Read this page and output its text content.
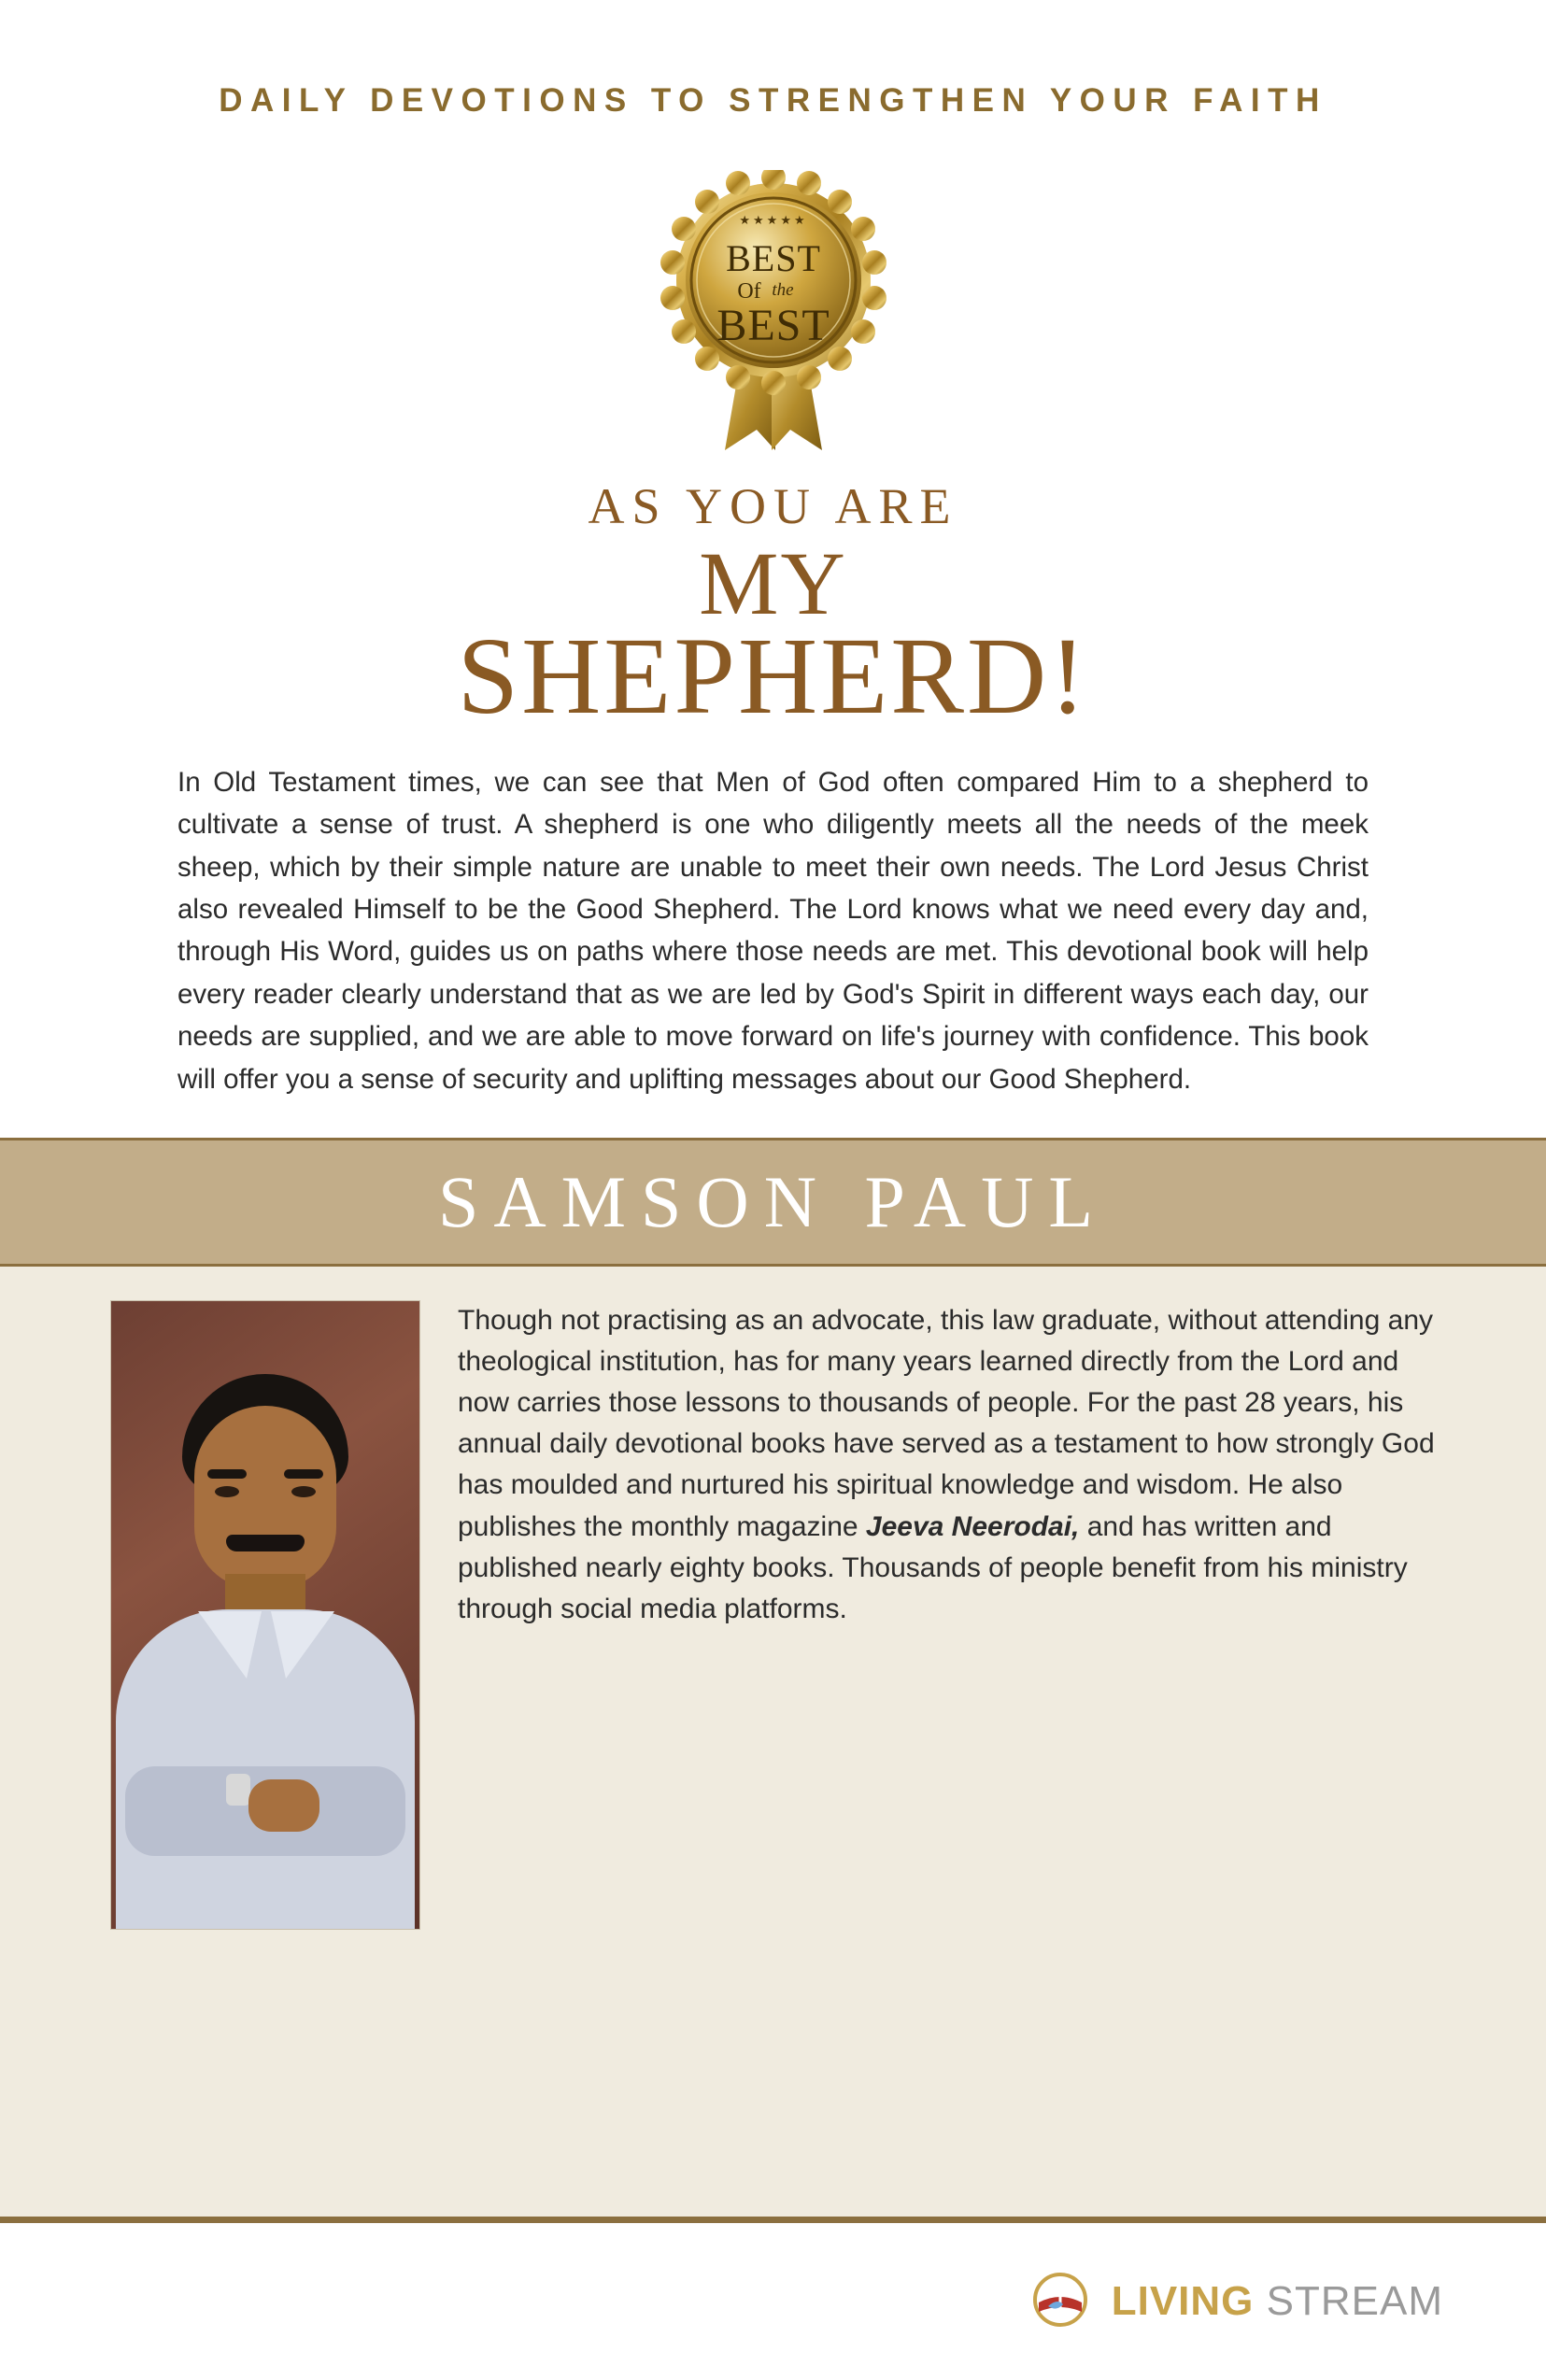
DAILY DEVOTIONS TO STRENGTHEN YOUR FAITH
★★★★★
BEST
Of the
BEST
AS YOU ARE
MY
SHEPHERD!
In Old Testament times, we can see that Men of God often compared Him to a shepherd to cultivate a sense of trust. A shepherd is one who diligently meets all the needs of the meek sheep, which by their simple nature are unable to meet their own needs. The Lord Jesus Christ also revealed Himself to be the Good Shepherd. The Lord knows what we need every day and, through His Word, guides us on paths where those needs are met. This devotional book will help every reader clearly understand that as we are led by God's Spirit in different ways each day, our needs are supplied, and we are able to move forward on life's journey with confidence. This book will offer you a sense of security and uplifting messages about our Good Shepherd.
SAMSON PAUL
Though not practising as an advocate, this law graduate, without attending any theological institution, has for many years learned directly from the Lord and now carries those lessons to thousands of people. For the past 28 years, his annual daily devotional books have served as a testament to how strongly God has moulded and nurtured his spiritual knowledge and wisdom. He also publishes the monthly magazine Jeeva Neerodai, and has written and published nearly eighty books. Thousands of people benefit from his ministry through social media platforms.
LIVING STREAM
